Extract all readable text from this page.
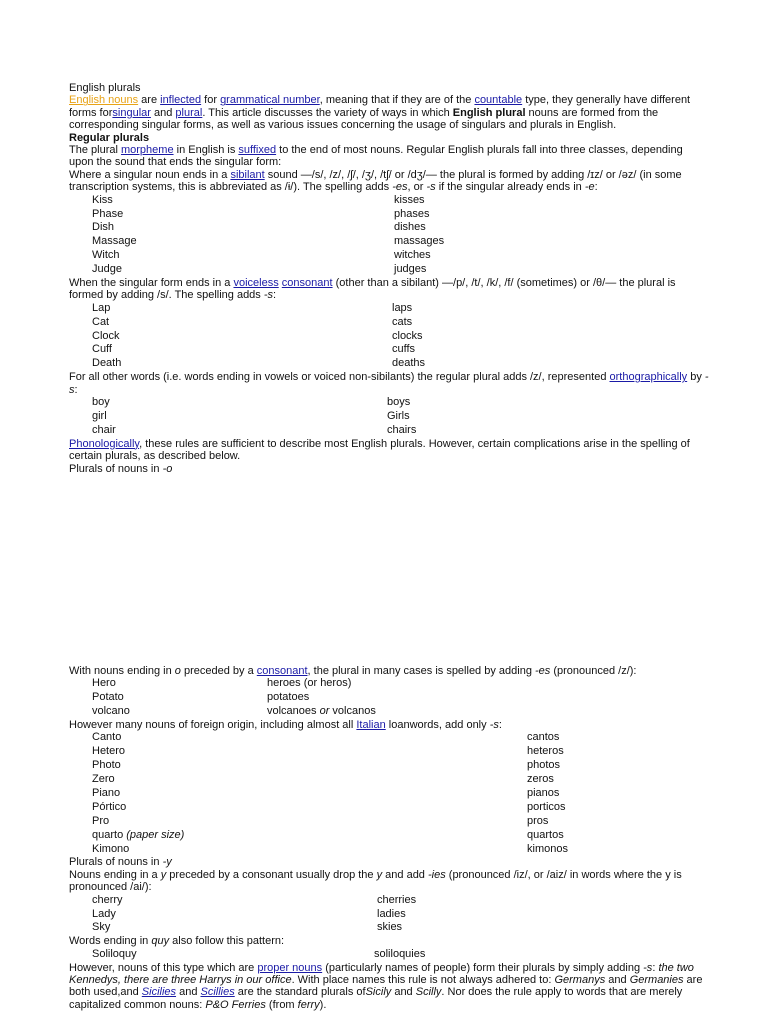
English plurals

English nouns are inflected for grammatical number, meaning that if they are of the countable type, they generally have different forms forsingular and plural. This article discusses the variety of ways in which English plural nouns are formed from the corresponding singular forms, as well as various issues concerning the usage of singulars and plurals in English.

Regular plurals

The plural morpheme in English is suffixed to the end of most nouns. Regular English plurals fall into three classes, depending upon the sound that ends the singular form:

Where a singular noun ends in a sibilant sound —/s/, /z/, /ʃ/, /ʒ/, /tʃ/ or /dʒ/— the plural is formed by adding /ɪz/ or /əz/ (in some transcription systems, this is abbreviated as /ɨ/). The spelling adds -es, or -s if the singular already ends in -e:

Kiss	kisses
Phase	phases
Dish	dishes
Massage	massages
Witch	witches
Judge	judges

When the singular form ends in a voiceless consonant (other than a sibilant) —/p/, /t/, /k/, /f/ (sometimes) or /θ/— the plural is formed by adding /s/. The spelling adds -s:

Lap	laps
Cat	cats
Clock	clocks
Cuff	cuffs
Death	deaths

For all other words (i.e. words ending in vowels or voiced non-sibilants) the regular plural adds /z/, represented orthographically by -s:

boy	boys
girl	Girls
chair	chairs

Phonologically, these rules are sufficient to describe most English plurals. However, certain complications arise in the spelling of certain plurals, as described below.

Plurals of nouns in -o

With nouns ending in o preceded by a consonant, the plural in many cases is spelled by adding -es (pronounced /z/):

Hero	heroes (or heros)
Potato	potatoes
volcano	volcanoes or volcanos

However many nouns of foreign origin, including almost all Italian loanwords, add only -s:

Canto	cantos
Hetero	heteros
Photo	photos
Zero	zeros
Piano	pianos
Pórtico	porticos
Pro	pros
quarto (paper size)	quartos
Kimono	kimonos

Plurals of nouns in -y

Nouns ending in a y preceded by a consonant usually drop the y and add -ies (pronounced /iz/, or /aiz/ in words where the y is pronounced /ai/):

cherry	cherries
Lady	ladies
Sky	skies

Words ending in quy also follow this pattern:

Soliloquy	soliloquies

However, nouns of this type which are proper nouns (particularly names of people) form their plurals by simply adding -s: the two Kennedys, there are three Harrys in our office. With place names this rule is not always adhered to: Germanys and Germanies are both used,and Sicilies and Scillies are the standard plurals ofSicily and Scilly. Nor does the rule apply to words that are merely capitalized common nouns: P&O Ferries (from ferry).
